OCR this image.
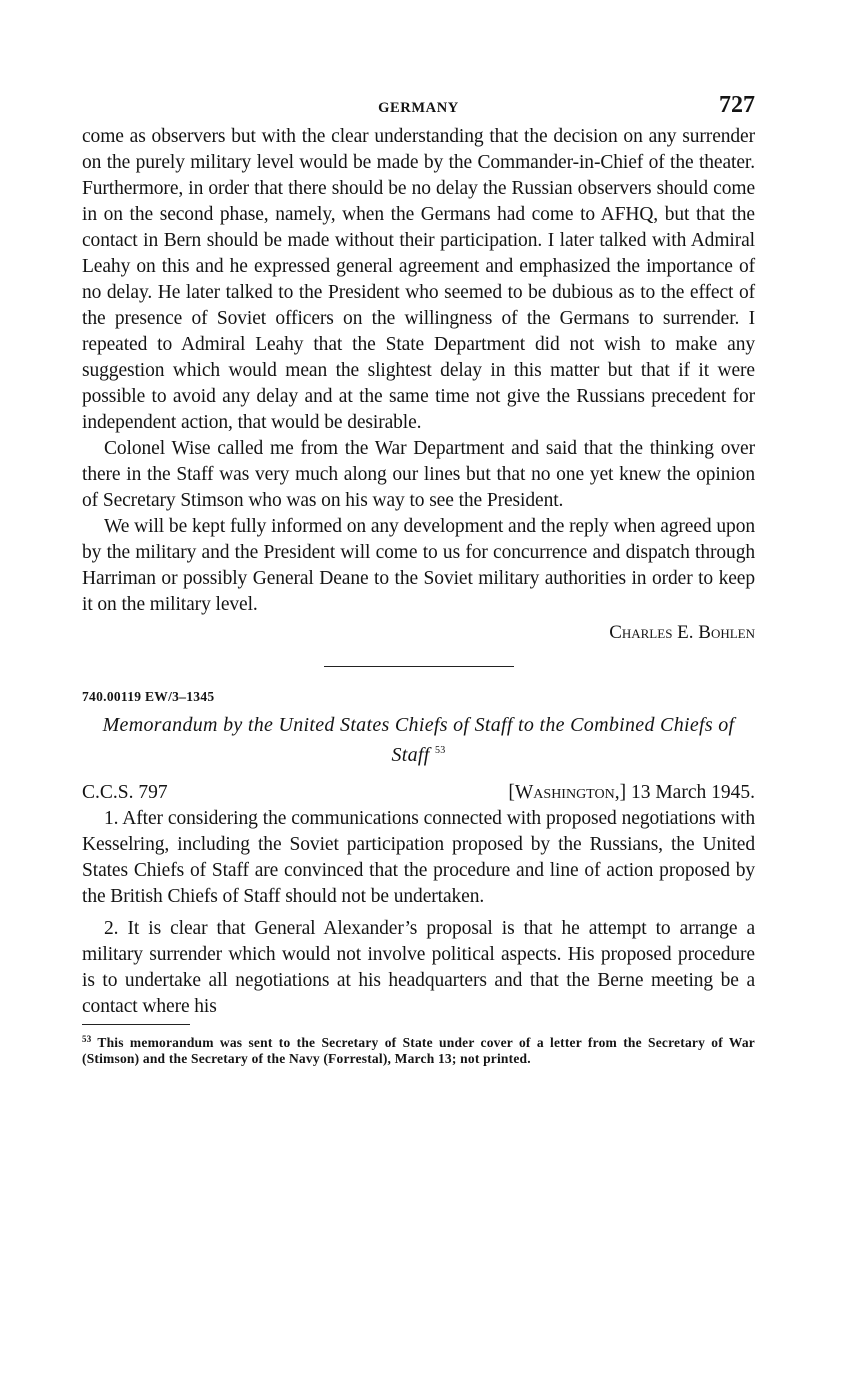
GERMANY	727

come as observers but with the clear understanding that the decision on any surrender on the purely military level would be made by the Commander-in-Chief of the theater. Furthermore, in order that there should be no delay the Russian observers should come in on the second phase, namely, when the Germans had come to AFHQ, but that the contact in Bern should be made without their participation. I later talked with Admiral Leahy on this and he expressed general agreement and emphasized the importance of no delay. He later talked to the President who seemed to be dubious as to the effect of the presence of Soviet officers on the willingness of the Germans to surrender. I repeated to Admiral Leahy that the State Department did not wish to make any suggestion which would mean the slightest delay in this matter but that if it were possible to avoid any delay and at the same time not give the Russians precedent for independent action, that would be desirable.

Colonel Wise called me from the War Department and said that the thinking over there in the Staff was very much along our lines but that no one yet knew the opinion of Secretary Stimson who was on his way to see the President.

We will be kept fully informed on any development and the reply when agreed upon by the military and the President will come to us for concurrence and dispatch through Harriman or possibly General Deane to the Soviet military authorities in order to keep it on the military level.

Charles E. Bohlen
740.00119 EW/3–1345
Memorandum by the United States Chiefs of Staff to the Combined Chiefs of Staff $^{53}$
C.C.S. 797	[Washington,] 13 March 1945.

1. After considering the communications connected with proposed negotiations with Kesselring, including the Soviet participation proposed by the Russians, the United States Chiefs of Staff are convinced that the procedure and line of action proposed by the British Chiefs of Staff should not be undertaken.

2. It is clear that General Alexander’s proposal is that he attempt to arrange a military surrender which would not involve political aspects. His proposed procedure is to undertake all negotiations at his headquarters and that the Berne meeting be a contact where his

$^{53}$ This memorandum was sent to the Secretary of State under cover of a letter from the Secretary of War (Stimson) and the Secretary of the Navy (Forrestal), March 13; not printed.
